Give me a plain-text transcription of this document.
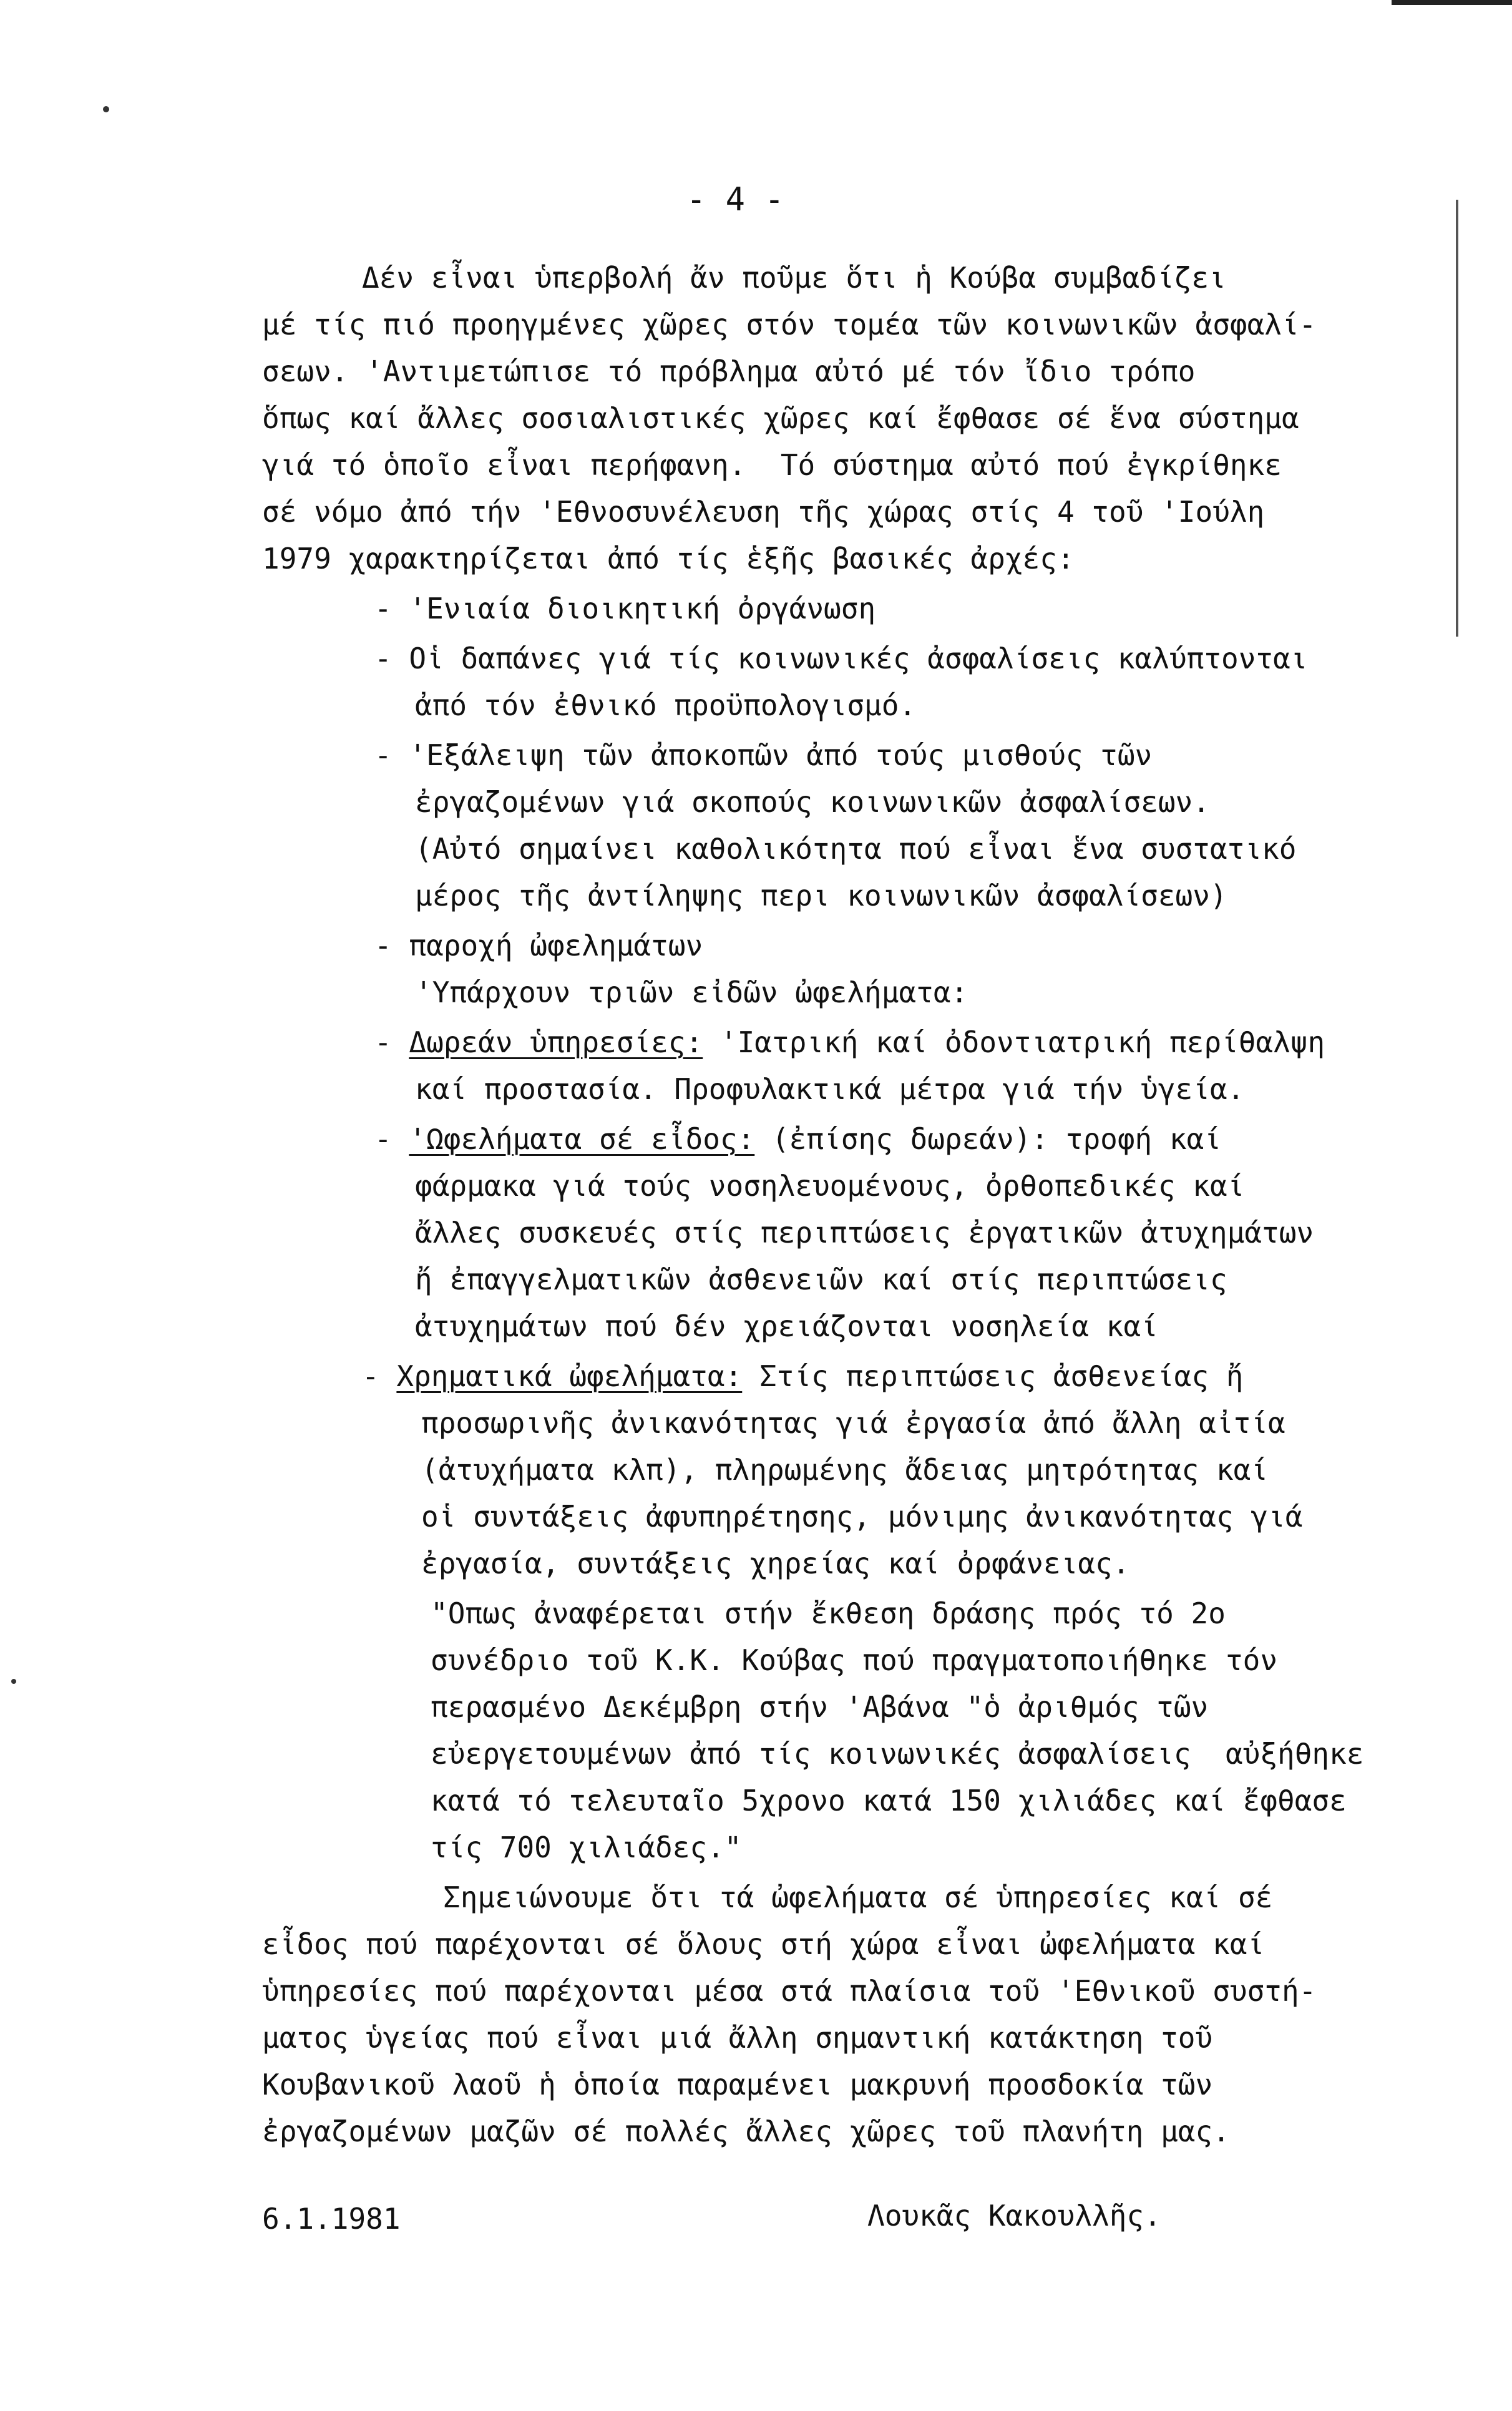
- 4 -
Δέν εἶναι ὑπερβολή ἄν ποῦμε ὅτι ἡ Κούβα συμβαδίζει
μέ τίς πιό προηγμένες χῶρες στόν τομέα τῶν κοινωνικῶν ἀσφαλί-
σεων. 'Αντιμετώπισε τό πρόβλημα αὐτό μέ τόν ἴδιο τρόπο
ὅπως καί ἄλλες σοσιαλιστικές χῶρες καί ἔφθασε σέ ἕνα σύστημα
γιά τό ὁποῖο εἶναι περήφανη.  Τό σύστημα αὐτό πού ἐγκρίθηκε
σέ νόμο ἀπό τήν 'Εθνοσυνέλευση τῆς χώρας στίς 4 τοῦ 'Ιούλη
1979 χαρακτηρίζεται ἀπό τίς ἑξῆς βασικές ἀρχές:
- 'Ενιαία διοικητική ὀργάνωση
- Οἱ δαπάνες γιά τίς κοινωνικές ἀσφαλίσεις καλύπτονται
ἀπό τόν ἐθνικό προϋπολογισμό.
- 'Εξάλειψη τῶν ἀποκοπῶν ἀπό τούς μισθούς τῶν
ἐργαζομένων γιά σκοπούς κοινωνικῶν ἀσφαλίσεων.
(Αὐτό σημαίνει καθολικότητα πού εἶναι ἕνα συστατικό
μέρος τῆς ἀντίληψης περι κοινωνικῶν ἀσφαλίσεων)
- παροχή ὠφελημάτων
'Υπάρχουν τριῶν εἰδῶν ὠφελήματα:
- Δωρεάν ὑπηρεσίες: 'Ιατρική καί ὀδοντιατρική περίθαλψη
καί προστασία. Προφυλακτικά μέτρα γιά τήν ὑγεία.
- 'Ωφελήματα σέ εἶδος: (ἐπίσης δωρεάν): τροφή καί
φάρμακα γιά τούς νοσηλευομένους, ὀρθοπεδικές καί
ἄλλες συσκευές στίς περιπτώσεις ἐργατικῶν ἀτυχημάτων
ἤ ἐπαγγελματικῶν ἀσθενειῶν καί στίς περιπτώσεις
ἀτυχημάτων πού δέν χρειάζονται νοσηλεία καί
- Χρηματικά ὠφελήματα: Στίς περιπτώσεις ἀσθενείας ἤ
προσωρινῆς ἀνικανότητας γιά ἐργασία ἀπό ἄλλη αἰτία
(ἀτυχήματα κλπ), πληρωμένης ἄδειας μητρότητας καί
οἱ συντάξεις ἀφυπηρέτησης, μόνιμης ἀνικανότητας γιά
ἐργασία, συντάξεις χηρείας καί ὀρφάνειας.
"Οπως ἀναφέρεται στήν ἔκθεση δράσης πρός τό 2ο
συνέδριο τοῦ Κ.Κ. Κούβας πού πραγματοποιήθηκε τόν
περασμένο Δεκέμβρη στήν 'Αβάνα "ὁ ἀριθμός τῶν
εὐεργετουμένων ἀπό τίς κοινωνικές ἀσφαλίσεις  αὐξήθηκε
κατά τό τελευταῖο 5χρονο κατά 150 χιλιάδες καί ἔφθασε
τίς 700 χιλιάδες."
Σημειώνουμε ὅτι τά ὠφελήματα σέ ὑπηρεσίες καί σέ
εἶδος πού παρέχονται σέ ὅλους στή χώρα εἶναι ὠφελήματα καί
ὑπηρεσίες πού παρέχονται μέσα στά πλαίσια τοῦ 'Εθνικοῦ συστή-
ματος ὑγείας πού εἶναι μιά ἄλλη σημαντική κατάκτηση τοῦ
Κουβανικοῦ λαοῦ ἡ ὁποία παραμένει μακρυνή προσδοκία τῶν
ἐργαζομένων μαζῶν σέ πολλές ἄλλες χῶρες τοῦ πλανήτη μας.
6.1.1981	Λουκᾶς Κακουλλῆς.
